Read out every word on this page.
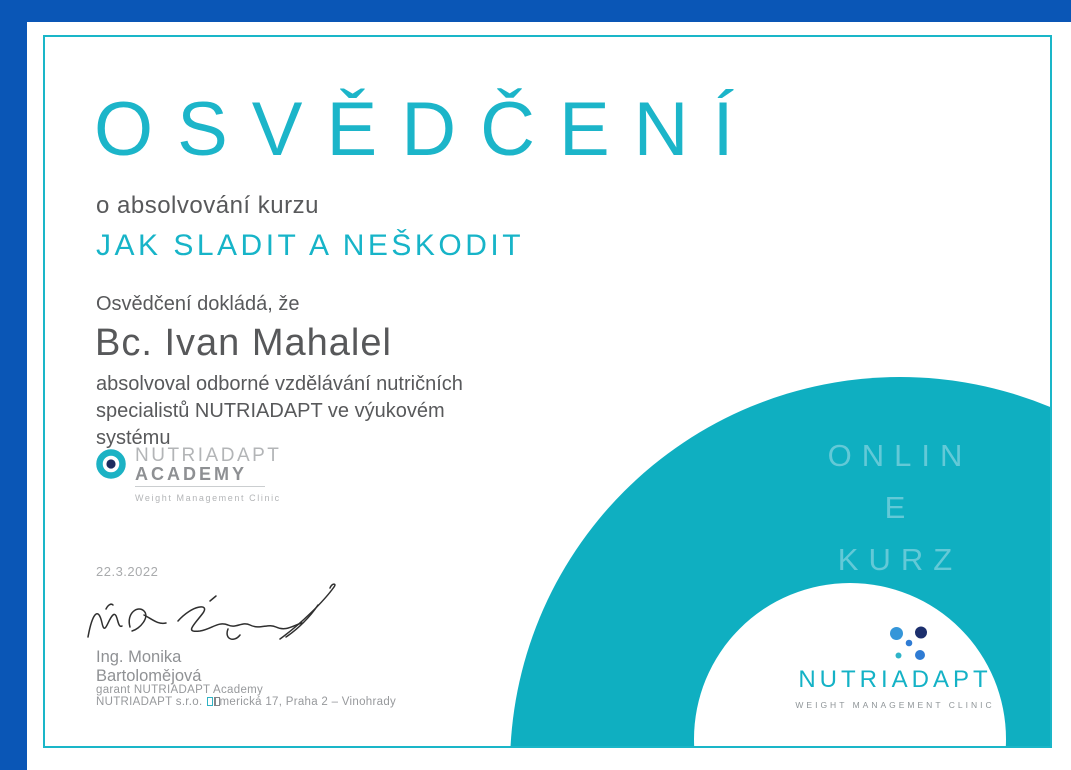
OSVĚDČENÍ
o absolvování kurzu
JAK SLADIT A NEŠKODIT
Osvědčení dokládá, že
Bc. Ivan Mahalel
absolvoval odborné vzdělávání nutričních
specialistů NUTRIADAPT ve výukovém
systému
NUTRIADAPT
ACADEMY
Weight Management Clinic
22.3.2022
Ing. Monika
Bartolomějová
garant NUTRIADAPT Academy
NUTRIADAPT s.r.o. merická 17, Praha 2 – Vinohrady
ONLIN
E
KURZ
NUTRIADAPT
WEIGHT MANAGEMENT CLINIC
